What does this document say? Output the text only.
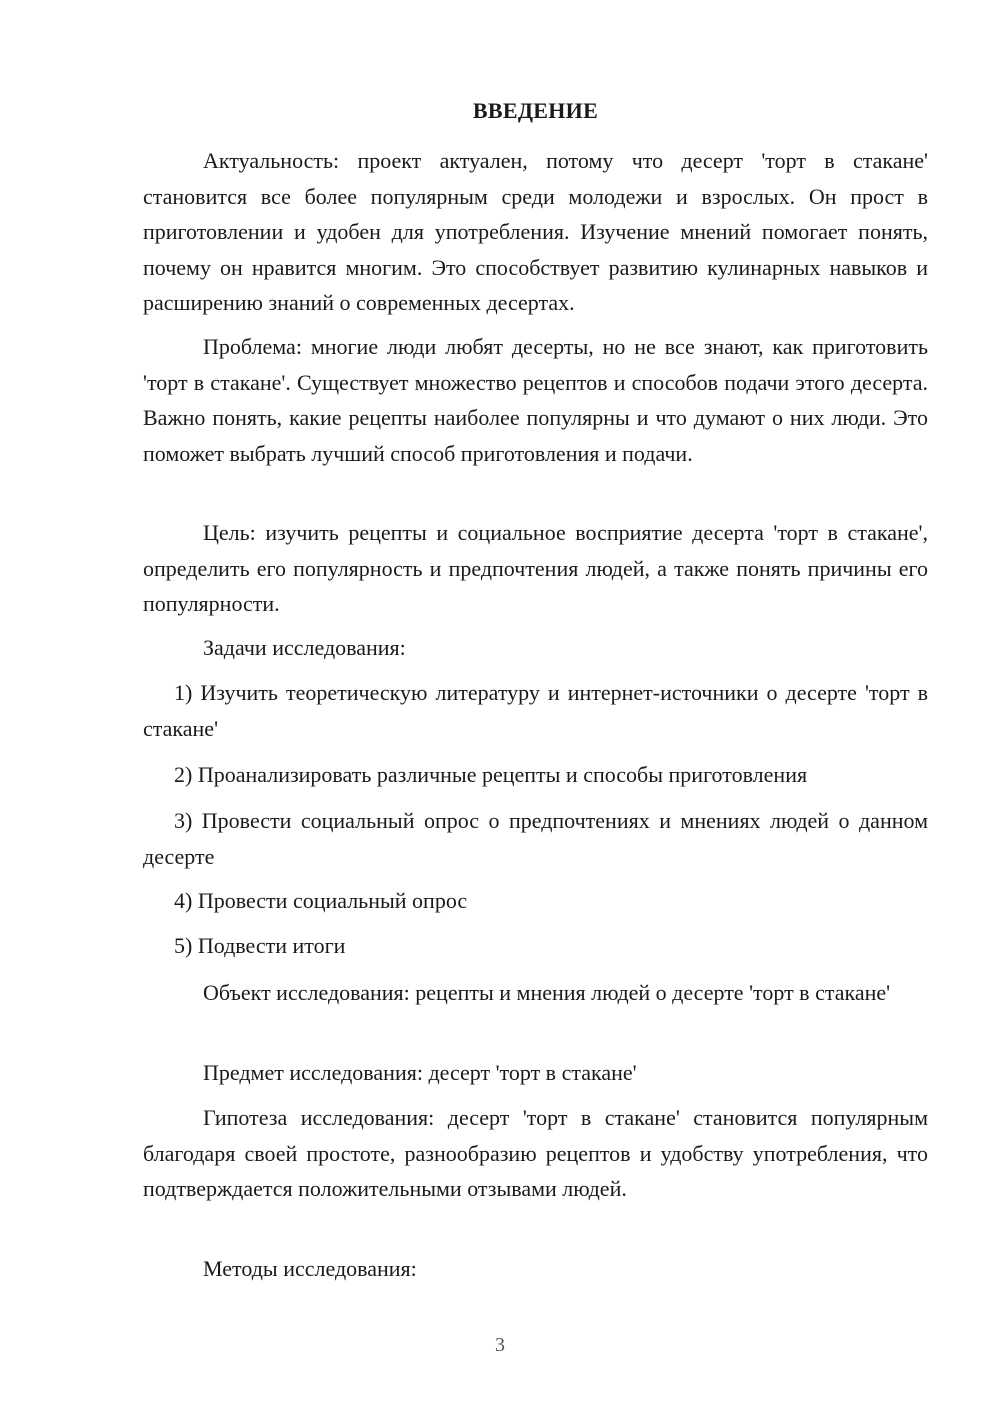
ВВЕДЕНИЕ

Актуальность: проект актуален, потому что десерт 'торт в стакане' становится все более популярным среди молодежи и взрослых. Он прост в приготовлении и удобен для употребления. Изучение мнений помогает понять, почему он нравится многим. Это способствует развитию кулинарных навыков и расширению знаний о современных десертах.

Проблема: многие люди любят десерты, но не все знают, как приготовить 'торт в стакане'. Существует множество рецептов и способов подачи этого десерта. Важно понять, какие рецепты наиболее популярны и что думают о них люди. Это поможет выбрать лучший способ приготовления и подачи.

Цель: изучить рецепты и социальное восприятие десерта 'торт в стакане', определить его популярность и предпочтения людей, а также понять причины его популярности.

Задачи исследования:

1) Изучить теоретическую литературу и интернет-источники о десерте 'торт в стакане'

2) Проанализировать различные рецепты и способы приготовления

3) Провести социальный опрос о предпочтениях и мнениях людей о данном десерте

4) Провести социальный опрос

5) Подвести итоги

Объект исследования: рецепты и мнения людей о десерте 'торт в стакане'

Предмет исследования: десерт 'торт в стакане'

Гипотеза исследования: десерт 'торт в стакане' становится популярным благодаря своей простоте, разнообразию рецептов и удобству употребления, что подтверждается положительными отзывами людей.

Методы исследования:

3
